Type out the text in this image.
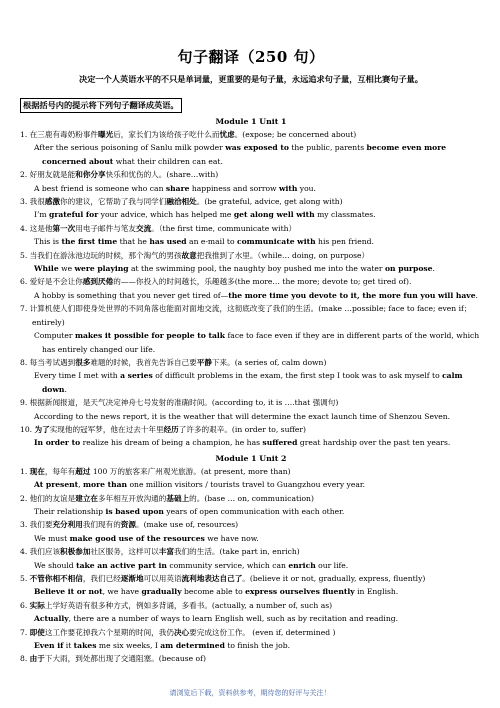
句子翻译（250 句）
决定一个人英语水平的不只是单词量，更重要的是句子量，永远追求句子量，互相比赛句子量。
根据括号内的提示将下列句子翻译成英语。
Module 1 Unit 1
1. 在三鹿有毒奶粉事件曝光后，家长们为该给孩子吃什么而忧虑。(expose; be concerned about)
After the serious poisoning of Sanlu milk powder was exposed to the public, parents become even more concerned about what their children can eat.
2. 好朋友就是能和你分享快乐和忧伤的人。(share…with)
A best friend is someone who can share happiness and sorrow with you.
3. 我很感激你的建议，它帮助了我与同学们融洽相处。(be grateful, advice, get along with)
I’m grateful for your advice, which has helped me get along well with my classmates.
4. 这是他第一次用电子邮件与笔友交流。（the first time, communicate with）
This is the first time that he has used an e-mail to communicate with his pen friend.
5. 当我们在游泳池边玩的时候，那个淘气的男孩故意把我推到了水里。（while… doing, on purpose）
While we were playing at the swimming pool, the naughty boy pushed me into the water on purpose.
6. 爱好是不会让你感到厌倦的——你投入的时间越长，乐趣越多(the more… the more; devote to; get tired of).
A hobby is something that you never get tired of—the more time you devote to it, the more fun you will have.
7. 计算机使人们即使身处世界的不同角落也能面对面地交流，这彻底改变了我们的生活。(make …possible; face to face; even if；entirely)
Computer makes it possible for people to talk face to face even if they are in different parts of the world, which has entirely changed our life.
8. 每当考试遇到很多难题的时候，我首先告诉自己要平静下来。(a series of, calm down)
Every time I met with a series of difficult problems in the exam, the first step I took was to ask myself to calm down.
9. 根据新闻报道，是天气决定神舟七号发射的准确时间。(according to, it is ….that 强调句)
According to the news report, it is the weather that will determine the exact launch time of Shenzou Seven.
10. 为了实现他的冠军梦，他在过去十年里经历了许多的艰辛。(in order to, suffer)
In order to realize his dream of being a champion, he has suffered great hardship over the past ten years.
Module 1 Unit 2
1. 现在，每年有超过 100 万的旅客来广州观光旅游。(at present, more than)
At present, more than one million visitors / tourists travel to Guangzhou every year.
2. 他们的友谊是建立在多年相互开放沟通的基础上的。(base … on, communication)
Their relationship is based upon years of open communication with each other.
3. 我们要充分利用我们现有的资源。(make use of, resources)
We must make good use of the resources we have now.
4. 我们应该积极参加社区服务，这样可以丰富我们的生活。(take part in, enrich)
We should take an active part in community service, which can enrich our life.
5. 不管你相不相信，我们已经逐渐地可以用英语流利地表达自己了。(believe it or not, gradually, express, fluently)
Believe it or not, we have gradually become able to express ourselves fluently in English.
6. 实际上学好英语有很多种方式，例如多背诵，多看书。(actually, a number of, such as)
Actually, there are a number of ways to learn English well, such as by recitation and reading.
7. 即使这工作要花掉我六个星期的时间，我仍决心要完成这份工作。 (even if, determined )
Even if it takes me six weeks, I am determined to finish the job.
8. 由于下大雨，到处都出现了交通阻塞。(because of)
请浏览后下载，资料供参考，期待您的好评与关注！
